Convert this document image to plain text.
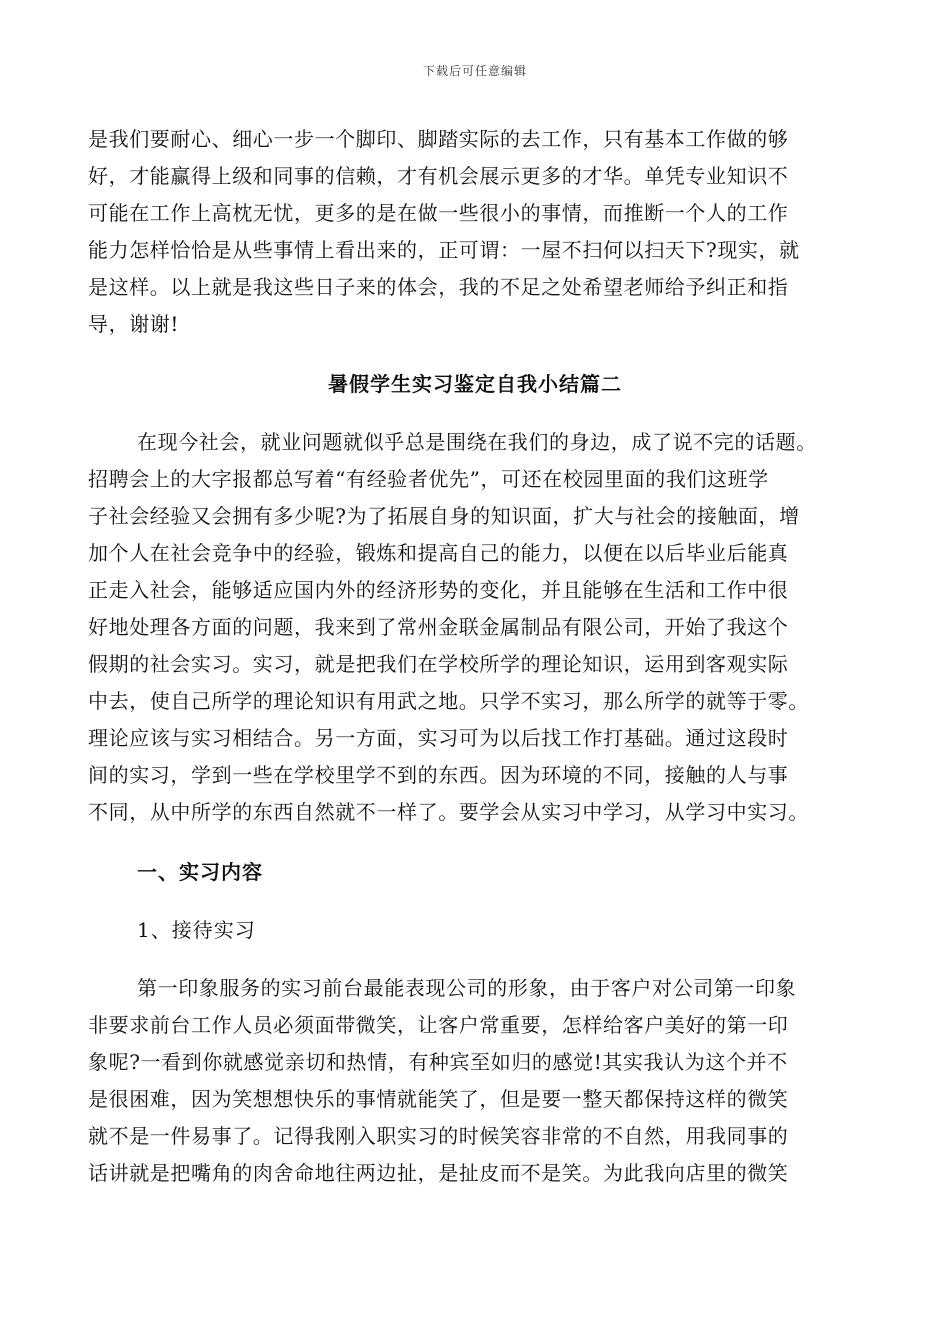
下载后可任意编辑
是我们要耐心、细心一步一个脚印、脚踏实际的去工作，只有基本工作做的够
好，才能赢得上级和同事的信赖，才有机会展示更多的才华。单凭专业知识不
可能在工作上高枕无忧，更多的是在做一些很小的事情，而推断一个人的工作
能力怎样恰恰是从些事情上看出来的，正可谓：一屋不扫何以扫天下?现实，就
是这样。以上就是我这些日子来的体会，我的不足之处希望老师给予纠正和指
导，谢谢!
暑假学生实习鉴定自我小结篇二
在现今社会，就业问题就似乎总是围绕在我们的身边，成了说不完的话题。
招聘会上的大字报都总写着“有经验者优先”，可还在校园里面的我们这班学
子社会经验又会拥有多少呢?为了拓展自身的知识面，扩大与社会的接触面，增
加个人在社会竞争中的经验，锻炼和提高自己的能力，以便在以后毕业后能真
正走入社会，能够适应国内外的经济形势的变化，并且能够在生活和工作中很
好地处理各方面的问题，我来到了常州金联金属制品有限公司，开始了我这个
假期的社会实习。实习，就是把我们在学校所学的理论知识，运用到客观实际
中去，使自己所学的理论知识有用武之地。只学不实习，那么所学的就等于零。
理论应该与实习相结合。另一方面，实习可为以后找工作打基础。通过这段时
间的实习，学到一些在学校里学不到的东西。因为环境的不同，接触的人与事
不同，从中所学的东西自然就不一样了。要学会从实习中学习，从学习中实习。
一、实习内容
1、接待实习
第一印象服务的实习前台最能表现公司的形象，由于客户对公司第一印象
非要求前台工作人员必须面带微笑，让客户常重要，怎样给客户美好的第一印
象呢?一看到你就感觉亲切和热情，有种宾至如归的感觉!其实我认为这个并不
是很困难，因为笑想想快乐的事情就能笑了，但是要一整天都保持这样的微笑
就不是一件易事了。记得我刚入职实习的时候笑容非常的不自然，用我同事的
话讲就是把嘴角的肉舍命地往两边扯，是扯皮而不是笑。为此我向店里的微笑
